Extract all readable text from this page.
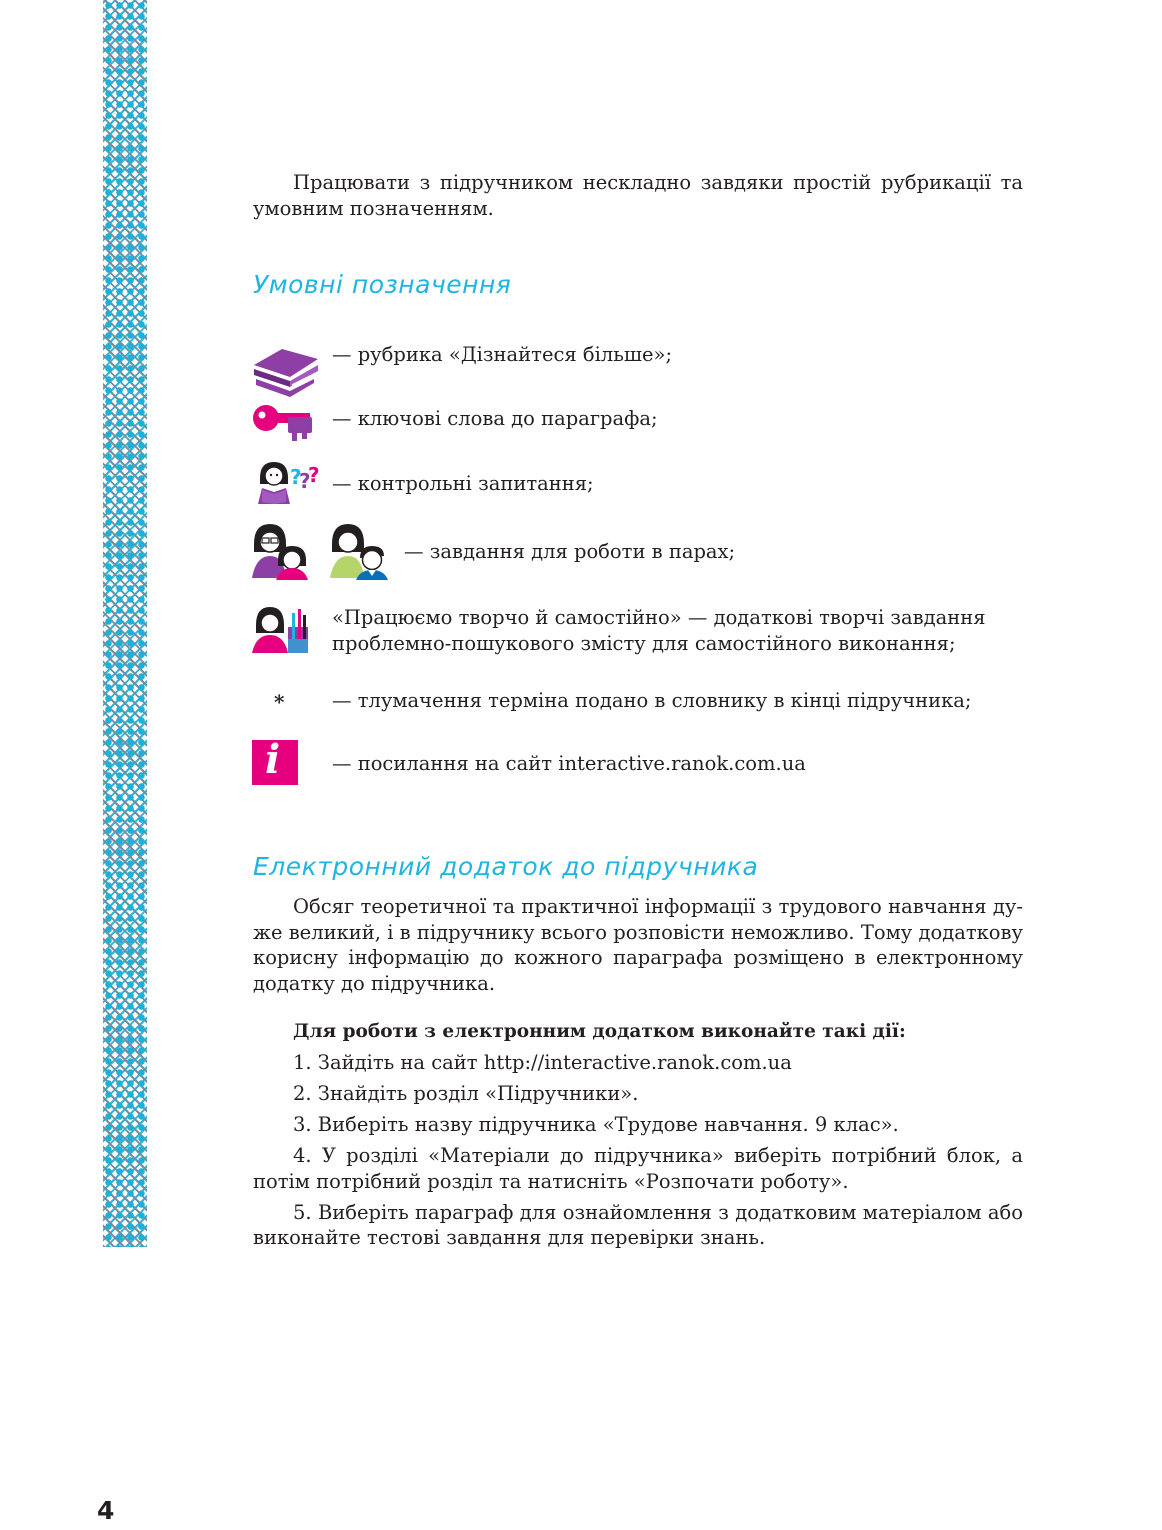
Працювати з підручником нескладно завдяки простій рубрикації та умовним позначенням.

Умовні позначення
— рубрика «Дізнайтеся більше»;
— ключові слова до параграфа;
?
?
? — контрольні запитання;
— завдання для роботи в парах;
«Працюємо творчо й самостійно» — додаткові творчі завдання проблемно-пошукового змісту для самостійного виконання;
* — тлумачення терміна подано в словнику в кінці підручника;
i	— посилання на сайт interactive.ranok.com.ua
Електронний додаток до підручника

Обсяг теоретичної та практичної інформації з трудового навчання дуже великий, і в підручнику всього розповісти неможливо. Тому додаткову корисну інформацію до кожного параграфа розміщено в електронному додатку до підручника.

Для роботи з електронним додатком виконайте такі дії:

1. Зайдіть на сайт http://interactive.ranok.com.ua

2. Знайдіть розділ «Підручники».

3. Виберіть назву підручника «Трудове навчання. 9 клас».

4. У розділі «Матеріали до підручника» виберіть потрібний блок, а потім потрібний розділ та натисніть «Розпочати роботу».

5. Виберіть параграф для ознайомлення з додатковим матеріалом або виконайте тестові завдання для перевірки знань.

4
